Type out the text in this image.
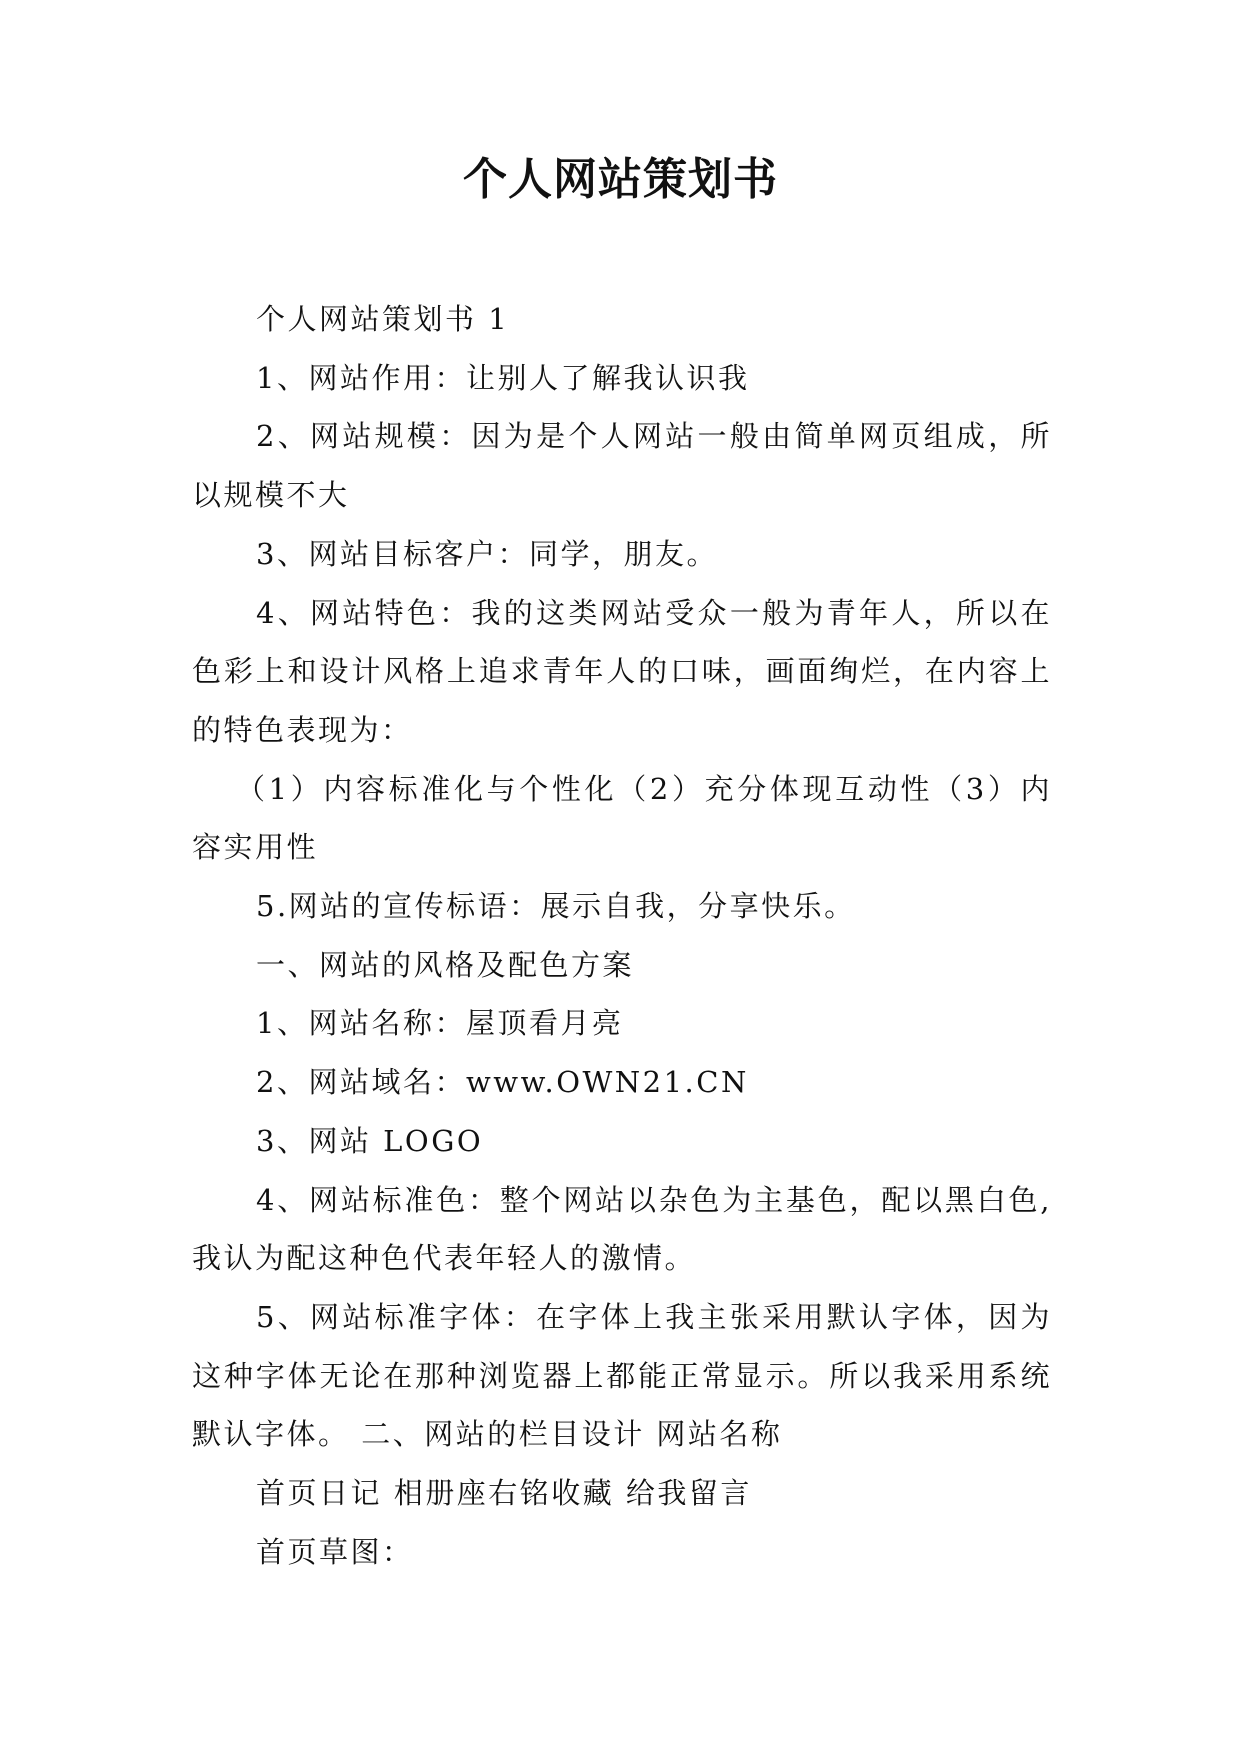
个人网站策划书

个人网站策划书 1

1、网站作用：让别人了解我认识我

2、网站规模：因为是个人网站一般由简单网页组成，所以规模不大

3、网站目标客户：同学，朋友。

4、网站特色：我的这类网站受众一般为青年人，所以在色彩上和设计风格上追求青年人的口味，画面绚烂，在内容上的特色表现为：

（1）内容标准化与个性化（2）充分体现互动性（3）内容实用性

5.网站的宣传标语：展示自我，分享快乐。

一、网站的风格及配色方案

1、网站名称：屋顶看月亮

2、网站域名：www.OWN21.CN

3、网站 LOGO

4、网站标准色：整个网站以杂色为主基色，配以黑白色,我认为配这种色代表年轻人的激情。

5、网站标准字体：在字体上我主张采用默认字体，因为这种字体无论在那种浏览器上都能正常显示。所以我采用系统默认字体。 二、网站的栏目设计 网站名称

首页日记 相册座右铭收藏 给我留言

首页草图：
